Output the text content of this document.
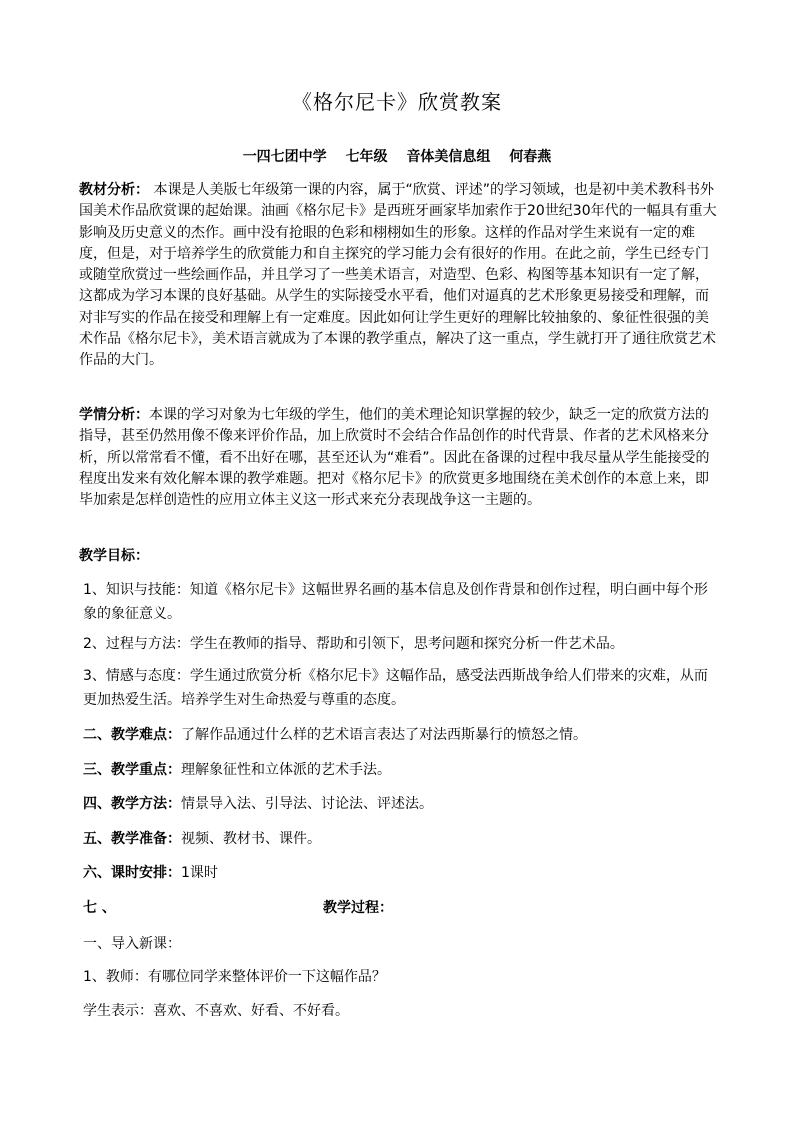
《格尔尼卡》欣赏教案
一四七团中学 七年级 音体美信息组 何春燕

教材分析： 本课是人美版七年级第一课的内容，属于“欣赏、评述”的学习领域，也是初中美术教科书外国美术作品欣赏课的起始课。油画《格尔尼卡》是西班牙画家毕加索作于20世纪30年代的一幅具有重大影响及历史意义的杰作。画中没有抢眼的色彩和栩栩如生的形象。这样的作品对学生来说有一定的难度，但是，对于培养学生的欣赏能力和自主探究的学习能力会有很好的作用。在此之前，学生已经专门或随堂欣赏过一些绘画作品，并且学习了一些美术语言，对造型、色彩、构图等基本知识有一定了解，这都成为学习本课的良好基础。从学生的实际接受水平看，他们对逼真的艺术形象更易接受和理解，而对非写实的作品在接受和理解上有一定难度。因此如何让学生更好的理解比较抽象的、象征性很强的美术作品《格尔尼卡》，美术语言就成为了本课的教学重点，解决了这一重点，学生就打开了通往欣赏艺术作品的大门。

学情分析：本课的学习对象为七年级的学生，他们的美术理论知识掌握的较少，缺乏一定的欣赏方法的指导，甚至仍然用像不像来评价作品，加上欣赏时不会结合作品创作的时代背景、作者的艺术风格来分析，所以常常看不懂，看不出好在哪，甚至还认为“难看”。因此在备课的过程中我尽量从学生能接受的程度出发来有效化解本课的教学难题。把对《格尔尼卡》的欣赏更多地围绕在美术创作的本意上来，即毕加索是怎样创造性的应用立体主义这一形式来充分表现战争这一主题的。

教学目标：
1、知识与技能：知道《格尔尼卡》这幅世界名画的基本信息及创作背景和创作过程，明白画中每个形象的象征意义。
2、过程与方法：学生在教师的指导、帮助和引领下，思考问题和探究分析一件艺术品。
3、情感与态度：学生通过欣赏分析《格尔尼卡》这幅作品，感受法西斯战争给人们带来的灾难，从而更加热爱生活。培养学生对生命热爱与尊重的态度。
二、教学难点：了解作品通过什么样的艺术语言表达了对法西斯暴行的愤怒之情。
三、教学重点：理解象征性和立体派的艺术手法。
四、教学方法：情景导入法、引导法、讨论法、评述法。
五、教学准备：视频、教材书、课件。
六、课时安排：1课时
七 、	教学过程：
一、导入新课：
1、教师：有哪位同学来整体评价一下这幅作品？
学生表示：喜欢、不喜欢、好看、不好看。
